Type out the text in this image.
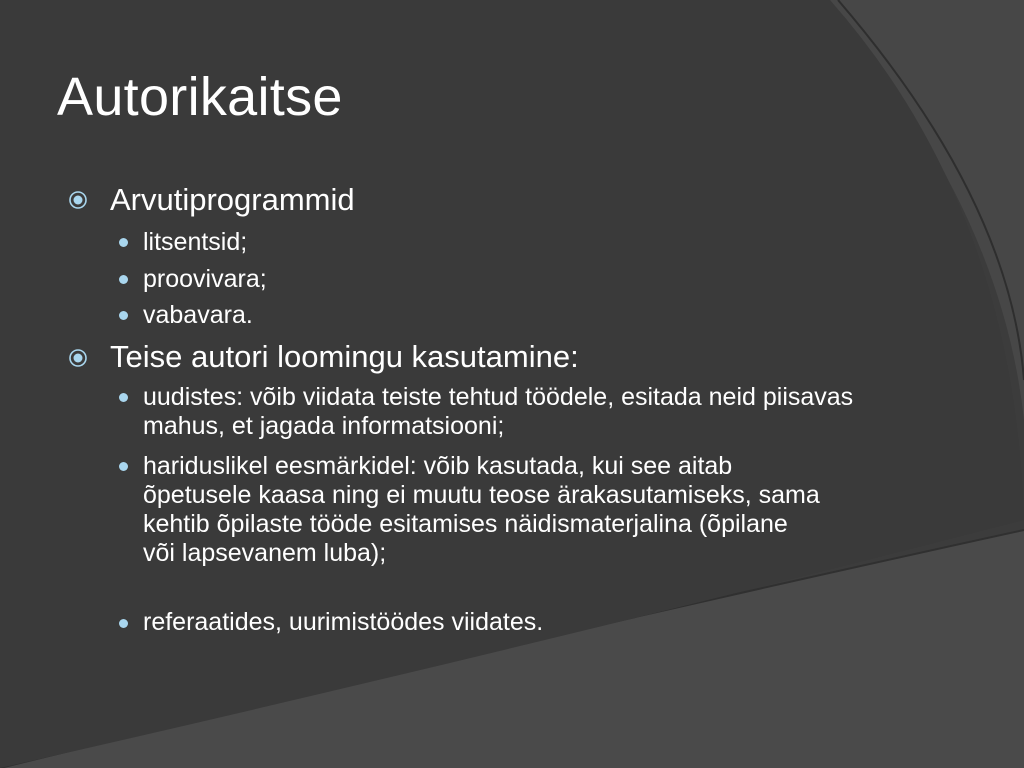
Autorikaitse
Arvutiprogrammid
litsentsid;
proovivara;
vabavara.
Teise autori loomingu kasutamine:
uudistes: võib viidata teiste tehtud töödele, esitada neid piisavas mahus, et jagada informatsiooni;
hariduslikel eesmärkidel: võib kasutada, kui see aitab õpetusele kaasa ning ei muutu teose ärakasutamiseks, sama kehtib õpilaste tööde esitamises näidismaterjalina (õpilane või lapsevanem luba);
referaatides, uurimistöödes viidates.
